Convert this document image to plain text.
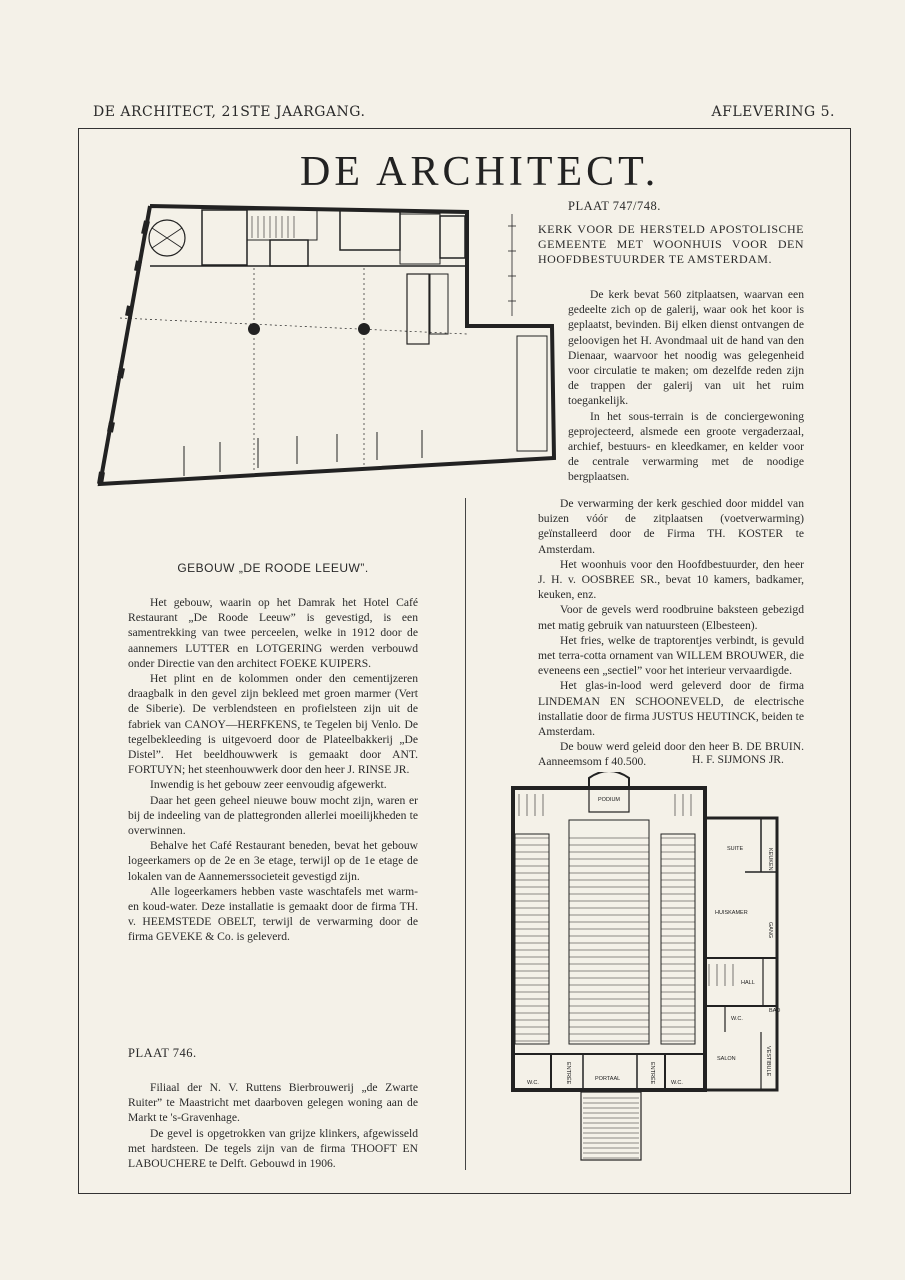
DE ARCHITECT, 21STE JAARGANG.	AFLEVERING 5.
DE ARCHITECT.
PLAAT 747/748.
KERK VOOR DE HERSTELD APOSTOLISCHE GEMEENTE MET WOONHUIS VOOR DEN HOOFDBESTUURDER TE AMSTERDAM.

De kerk bevat 560 zitplaatsen, waarvan een gedeelte zich op de galerij, waar ook het koor is geplaatst, bevinden. Bij elken dienst ontvangen de geloovigen het H. Avondmaal uit de hand van den Dienaar, waarvoor het noodig was gelegenheid voor circulatie te maken; om dezelfde reden zijn de trappen der galerij van uit het ruim toegankelijk.

In het sous-terrain is de conciergewoning geprojecteerd, alsmede een groote vergaderzaal, archief, bestuurs- en kleedkamer, en kelder voor de centrale verwarming met de noodige bergplaatsen.

De verwarming der kerk geschied door middel van buizen vóór de zitplaatsen (voetverwarming) geïnstalleerd door de Firma TH. KOSTER te Amsterdam.

Het woonhuis voor den Hoofdbestuurder, den heer J. H. v. OOSBREE SR., bevat 10 kamers, badkamer, keuken, enz.

Voor de gevels werd roodbruine baksteen gebezigd met matig gebruik van natuursteen (Elbesteen).

Het fries, welke de traptorentjes verbindt, is gevuld met terra-cotta ornament van WILLEM BROUWER, die eveneens een „sectiel” voor het interieur vervaardigde.

Het glas-in-lood werd geleverd door de firma LINDEMAN EN SCHOONEVELD, de electrische installatie door de firma JUSTUS HEUTINCK, beiden te Amsterdam.

De bouw werd geleid door den heer B. DE BRUIN. Aanneemsom f 40.500.	H. F. SIJMONS JR.
GEBOUW „DE ROODE LEEUW”.

Het gebouw, waarin op het Damrak het Hotel Café Restaurant „De Roode Leeuw” is gevestigd, is een samentrekking van twee perceelen, welke in 1912 door de aannemers LUTTER en LOTGERING werden verbouwd onder Directie van den architect FOEKE KUIPERS.

Het plint en de kolommen onder den cementijzeren draagbalk in den gevel zijn bekleed met groen marmer (Vert de Siberie). De verblendsteen en profielsteen zijn uit de fabriek van CANOY—HERFKENS, te Tegelen bij Venlo. De tegelbekleeding is uitgevoerd door de Plateelbakkerij „De Distel”. Het beeldhouwwerk is gemaakt door ANT. FORTUYN; het steenhouwwerk door den heer J. RINSE JR.

Inwendig is het gebouw zeer eenvoudig afgewerkt.

Daar het geen geheel nieuwe bouw mocht zijn, waren er bij de indeeling van de plattegronden allerlei moeilijkheden te overwinnen.

Behalve het Café Restaurant beneden, bevat het gebouw logeerkamers op de 2e en 3e etage, terwijl op de 1e etage de lokalen van de Aannemerssocieteit gevestigd zijn.

Alle logeerkamers hebben vaste waschtafels met warm- en koud-water. Deze installatie is gemaakt door de firma TH. v. HEEMSTEDE OBELT, terwijl de verwarming door de firma GEVEKE & Co. is geleverd.

PLAAT 746.

Filiaal der N. V. Ruttens Bierbrouwerij „de Zwarte Ruiter” te Maastricht met daarboven gelegen woning aan de Markt te 's-Gravenhage.

De gevel is opgetrokken van grijze klinkers, afgewisseld met hardsteen. De tegels zijn van de firma THOOFT EN LABOUCHERE te Delft. Gebouwd in 1906.

PODIUM
SUITE	KEUKEN
HUISKAMER
GANG
HALL
BAD
W.C.
SALON	VESTIBULE
PORTAAL
ENTRÉE	ENTRÉE
W.C.	W.C.
